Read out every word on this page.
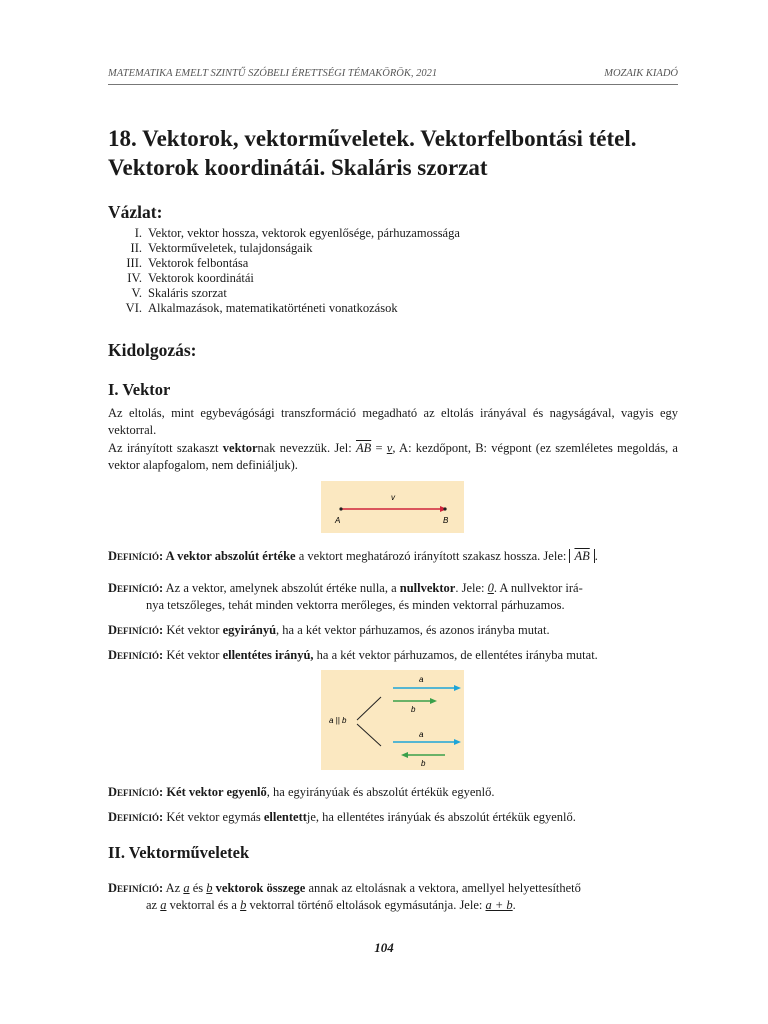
MATEMATIKA EMELT SZINTŰ SZÓBELI ÉRETTSÉGI TÉMAKÖRÖK, 2021	MOZAIK KIADÓ
18. Vektorok, vektorműveletek. Vektorfelbontási tétel.
Vektorok koordinátái. Skaláris szorzat
Vázlat:
I. Vektor, vektor hossza, vektorok egyenlősége, párhuzamossága
II. Vektorműveletek, tulajdonságaik
III. Vektorok felbontása
IV. Vektorok koordinátái
V. Skaláris szorzat
VI. Alkalmazások, matematikatörténeti vonatkozások
Kidolgozás:
I. Vektor
Az eltolás, mint egybevágósági transzformáció megadható az eltolás irányával és nagyságával, vagyis egy vektorral.
Az irányított szakaszt vektornak nevezzük. Jel: $\overline{AB} = v$, A: kezdőpont, B: végpont (ez szemléletes megoldás, a vektor alapfogalom, nem definiáljuk).
v
A	B
Definíció: A vektor abszolút értéke a vektort meghatározó irányított szakasz hossza. Jele: $\overline{AB}$ .
Definíció: Az a vektor, amelynek abszolút értéke nulla, a nullvektor. Jele: 0. A nullvektor irá-
nya tetszőleges, tehát minden vektorra merőleges, és minden vektorral párhuzamos.
Definíció: Két vektor egyirányú, ha a két vektor párhuzamos, és azonos irányba mutat.
Definíció: Két vektor ellentétes irányú, ha a két vektor párhuzamos, de ellentétes irányba mutat.
a || b
a
b
a
b
Definíció: Két vektor egyenlő, ha egyirányúak és abszolút értékük egyenlő.
Definíció: Két vektor egymás ellentettje, ha ellentétes irányúak és abszolút értékük egyenlő.
II. Vektorműveletek
Definíció: Az a és b vektorok összege annak az eltolásnak a vektora, amellyel helyettesíthető
az a vektorral és a b vektorral történő eltolások egymásutánja. Jele: a + b.
104
